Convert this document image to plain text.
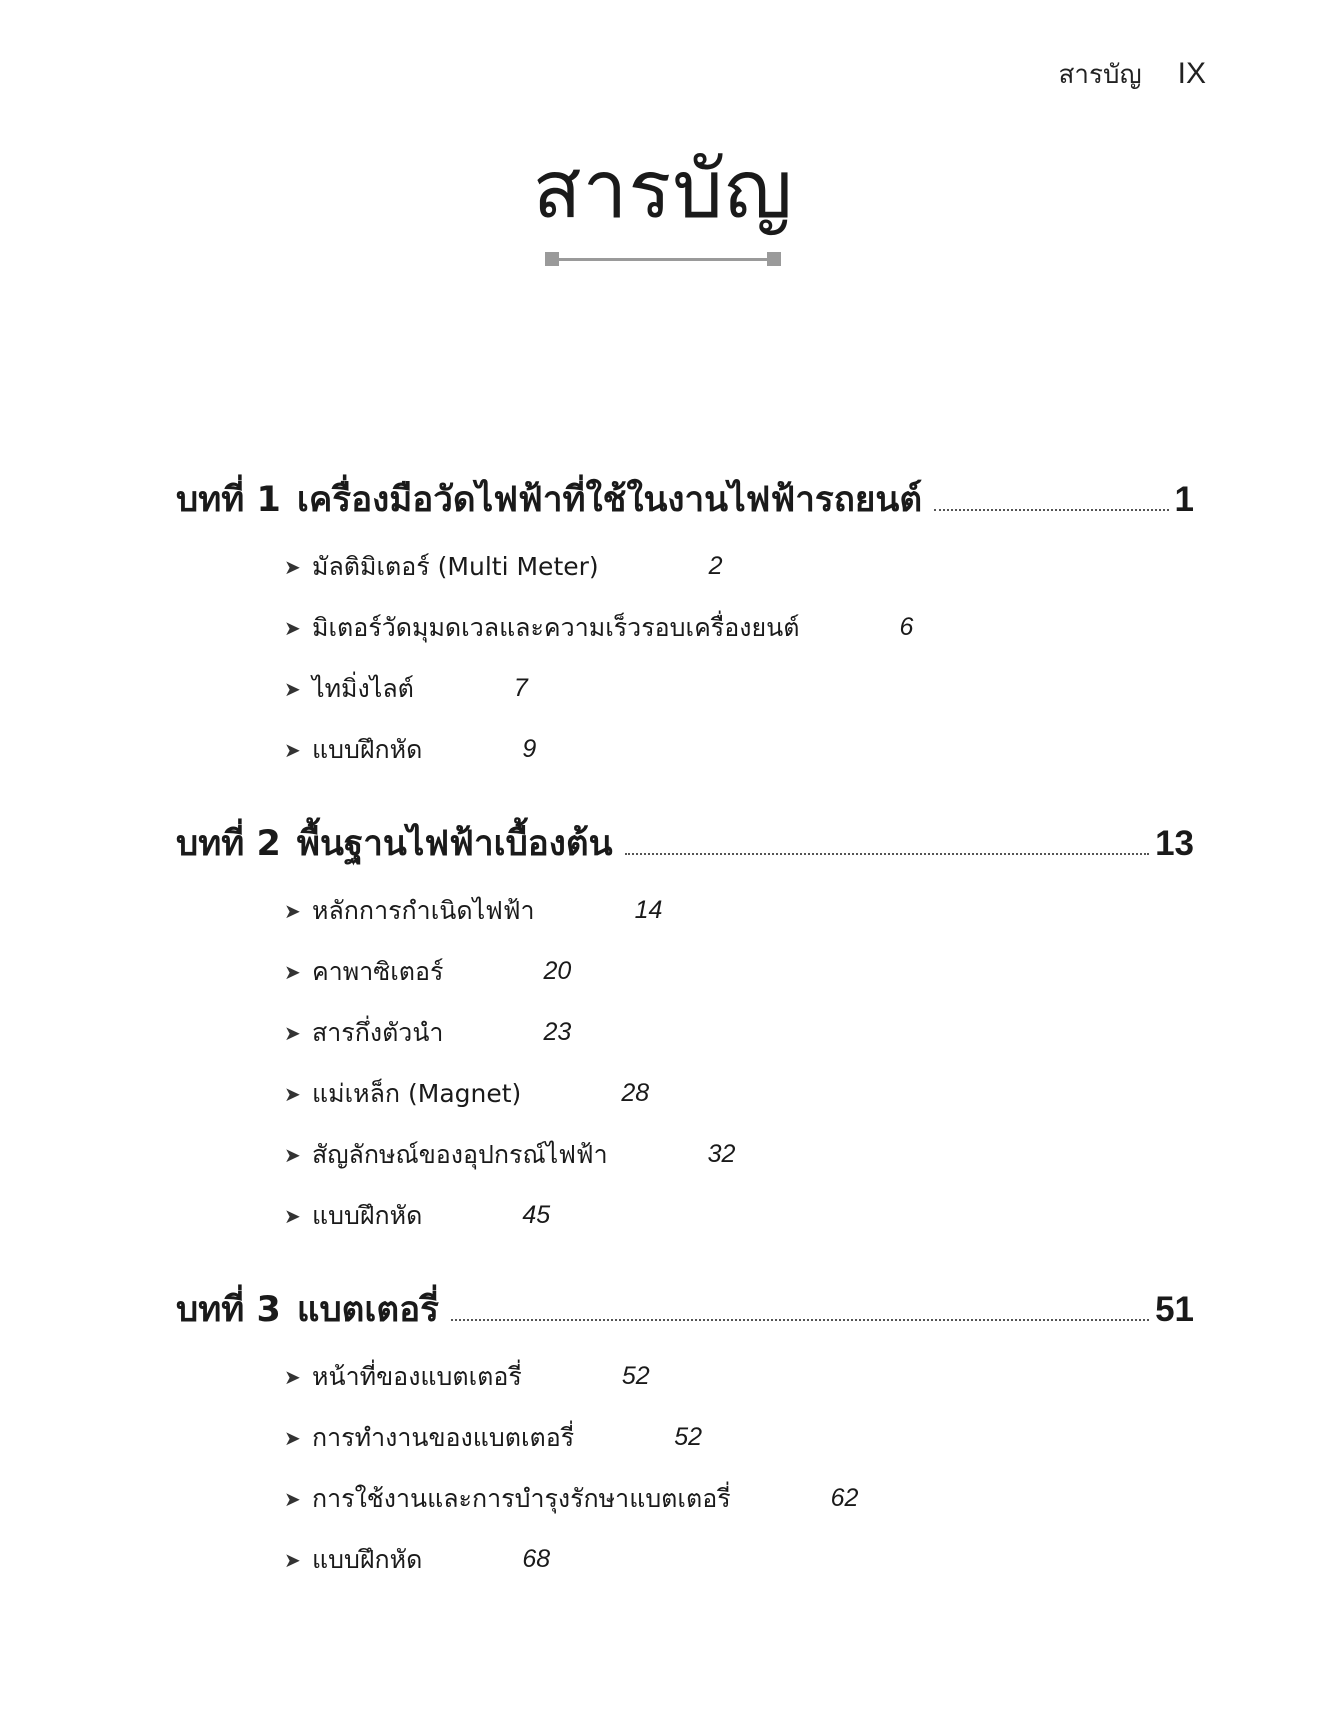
สารบัญ IX
สารบัญ
บทที่ 1 เครื่องมือวัดไฟฟ้าที่ใช้ในงานไฟฟ้ารถยนต์	1
➤ มัลติมิเตอร์ (Multi Meter)	2
➤ มิเตอร์วัดมุมดเวลและความเร็วรอบเครื่องยนต์	6
➤ ไทมิ่งไลต์	7
➤ แบบฝึกหัด	9
บทที่ 2 พื้นฐานไฟฟ้าเบื้องต้น	13
➤ หลักการกำเนิดไฟฟ้า	14
➤ คาพาซิเตอร์	20
➤ สารกึ่งตัวนำ	23
➤ แม่เหล็ก (Magnet)	28
➤ สัญลักษณ์ของอุปกรณ์ไฟฟ้า	32
➤ แบบฝึกหัด	45
บทที่ 3 แบตเตอรี่	51
➤ หน้าที่ของแบตเตอรี่	52
➤ การทำงานของแบตเตอรี่	52
➤ การใช้งานและการบำรุงรักษาแบตเตอรี่	62
➤ แบบฝึกหัด	68
